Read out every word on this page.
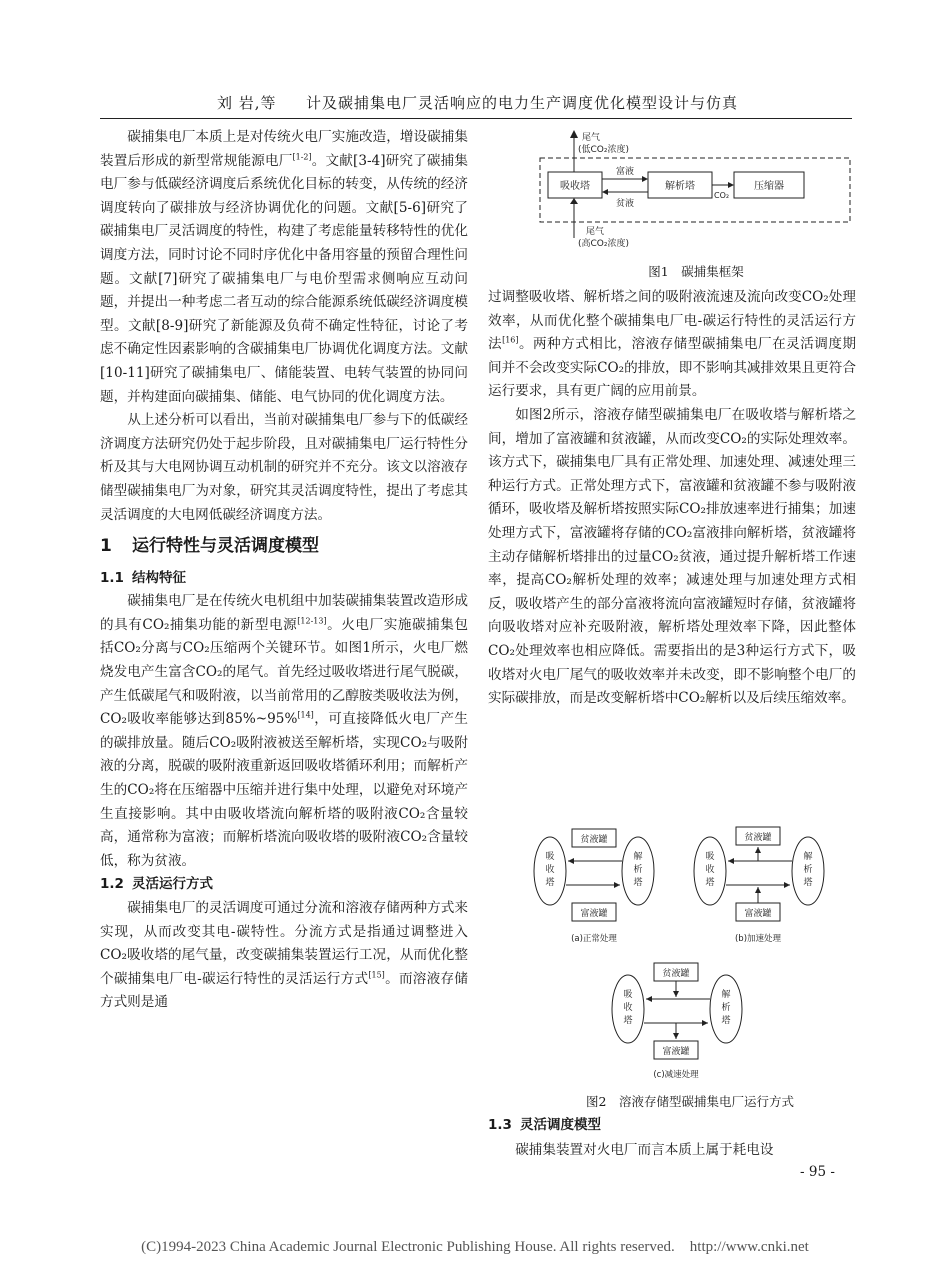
刘 岩,等 计及碳捕集电厂灵活响应的电力生产调度优化模型设计与仿真

碳捕集电厂本质上是对传统火电厂实施改造，增设碳捕集装置后形成的新型常规能源电厂[1-2]。文献[3-4]研究了碳捕集电厂参与低碳经济调度后系统优化目标的转变，从传统的经济调度转向了碳排放与经济协调优化的问题。文献[5-6]研究了碳捕集电厂灵活调度的特性，构建了考虑能量转移特性的优化调度方法，同时讨论不同时序优化中备用容量的预留合理性问题。文献[7]研究了碳捕集电厂与电价型需求侧响应互动问题，并提出一种考虑二者互动的综合能源系统低碳经济调度模型。文献[8-9]研究了新能源及负荷不确定性特征，讨论了考虑不确定性因素影响的含碳捕集电厂协调优化调度方法。文献[10-11]研究了碳捕集电厂、储能装置、电转气装置的协同问题，并构建面向碳捕集、储能、电气协同的优化调度方法。

从上述分析可以看出，当前对碳捕集电厂参与下的低碳经济调度方法研究仍处于起步阶段，且对碳捕集电厂运行特性分析及其与大电网协调互动机制的研究并不充分。该文以溶液存储型碳捕集电厂为对象，研究其灵活调度特性，提出了考虑其灵活调度的大电网低碳经济调度方法。

1 运行特性与灵活调度模型
1.1 结构特征

碳捕集电厂是在传统火电机组中加装碳捕集装置改造形成的具有CO₂捕集功能的新型电源[12-13]。火电厂实施碳捕集包括CO₂分离与CO₂压缩两个关键环节。如图1所示，火电厂燃烧发电产生富含CO₂的尾气。首先经过吸收塔进行尾气脱碳，产生低碳尾气和吸附液，以当前常用的乙醇胺类吸收法为例，CO₂吸收率能够达到85%~95%[14]，可直接降低火电厂产生的碳排放量。随后CO₂吸附液被送至解析塔，实现CO₂与吸附液的分离，脱碳的吸附液重新返回吸收塔循环利用；而解析产生的CO₂将在压缩器中压缩并进行集中处理，以避免对环境产生直接影响。其中由吸收塔流向解析塔的吸附液CO₂含量较高，通常称为富液；而解析塔流向吸收塔的吸附液CO₂含量较低，称为贫液。

1.2 灵活运行方式

碳捕集电厂的灵活调度可通过分流和溶液存储两种方式来实现，从而改变其电-碳特性。分流方式是指通过调整进入CO₂吸收塔的尾气量，改变碳捕集装置运行工况，从而优化整个碳捕集电厂电-碳运行特性的灵活运行方式[15]。而溶液存储方式则是通

尾气
(低CO₂浓度)
吸收塔	解析塔	压缩器
富液
贫液
CO₂
尾气
(高CO₂浓度)
图1　碳捕集框架

过调整吸收塔、解析塔之间的吸附液流速及流向改变CO₂处理效率，从而优化整个碳捕集电厂电-碳运行特性的灵活运行方法[16]。两种方式相比，溶液存储型碳捕集电厂在灵活调度期间并不会改变实际CO₂的排放，即不影响其减排效果且更符合运行要求，具有更广阔的应用前景。

如图2所示，溶液存储型碳捕集电厂在吸收塔与解析塔之间，增加了富液罐和贫液罐，从而改变CO₂的实际处理效率。该方式下，碳捕集电厂具有正常处理、加速处理、减速处理三种运行方式。正常处理方式下，富液罐和贫液罐不参与吸附液循环，吸收塔及解析塔按照实际CO₂排放速率进行捕集；加速处理方式下，富液罐将存储的CO₂富液排向解析塔，贫液罐将主动存储解析塔排出的过量CO₂贫液，通过提升解析塔工作速率，提高CO₂解析处理的效率；减速处理与加速处理方式相反，吸收塔产生的部分富液将流向富液罐短时存储，贫液罐将向吸收塔对应补充吸附液，解析塔处理效率下降，因此整体CO₂处理效率也相应降低。需要指出的是3种运行方式下，吸收塔对火电厂尾气的吸收效率并未改变，即不影响整个电厂的实际碳排放，而是改变解析塔中CO₂解析以及后续压缩效率。

吸
收
塔
解
析
塔
贫液罐
富液罐
(a)正常处理
吸
收
塔
解
析
塔
贫液罐
富液罐
(b)加速处理
吸
收
塔
解
析
塔
贫液罐
富液罐
(c)减速处理
图2　溶液存储型碳捕集电厂运行方式
1.3 灵活调度模型

碳捕集装置对火电厂而言本质上属于耗电设

- 95 -
(C)1994-2023 China Academic Journal Electronic Publishing House. All rights reserved.　http://www.cnki.net
